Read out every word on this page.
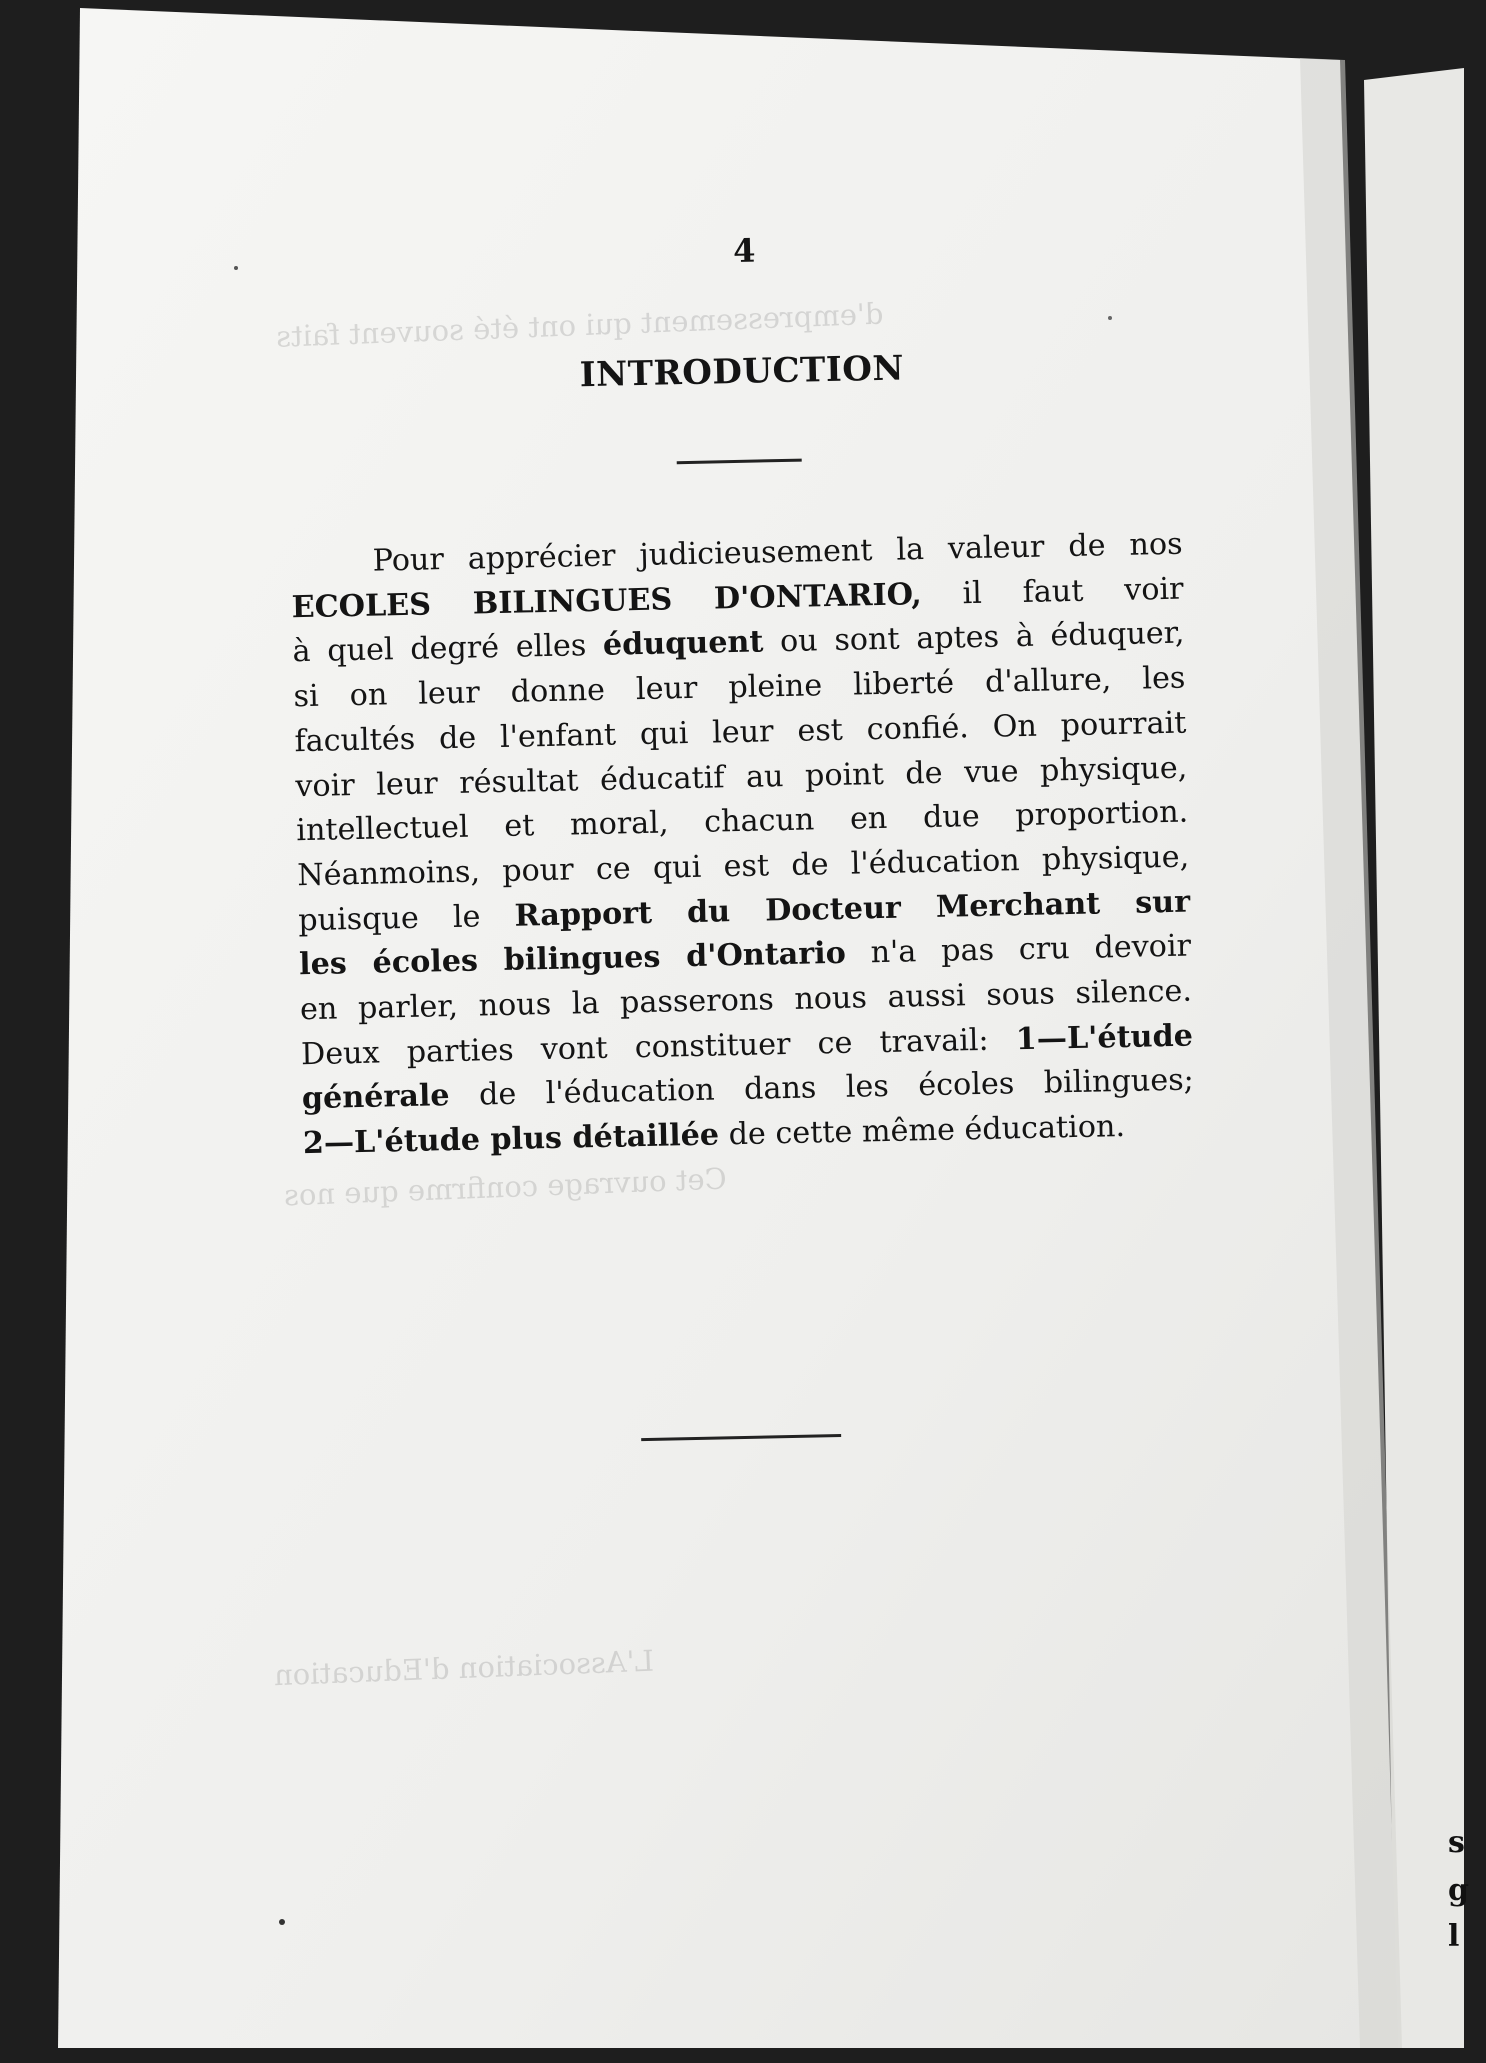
s
g
l
d'empressement qui ont été souvent faits
Cet ouvrage confirme que nos
L'Association d'Education
4
INTRODUCTION
Pour apprécier judicieusement la valeur de nos
ECOLES BILINGUES D'ONTARIO, il faut voir
à quel degré elles éduquent ou sont aptes à éduquer,
si on leur donne leur pleine liberté d'allure, les
facultés de l'enfant qui leur est confié. On pourrait
voir leur résultat éducatif au point de vue physique,
intellectuel et moral, chacun en due proportion.
Néanmoins, pour ce qui est de l'éducation physique,
puisque le Rapport du Docteur Merchant sur
les écoles bilingues d'Ontario n'a pas cru devoir
en parler, nous la passerons nous aussi sous silence.
Deux parties vont constituer ce travail: 1—L'étude
générale de l'éducation dans les écoles bilingues;
2—L'étude plus détaillée de cette même éducation.
